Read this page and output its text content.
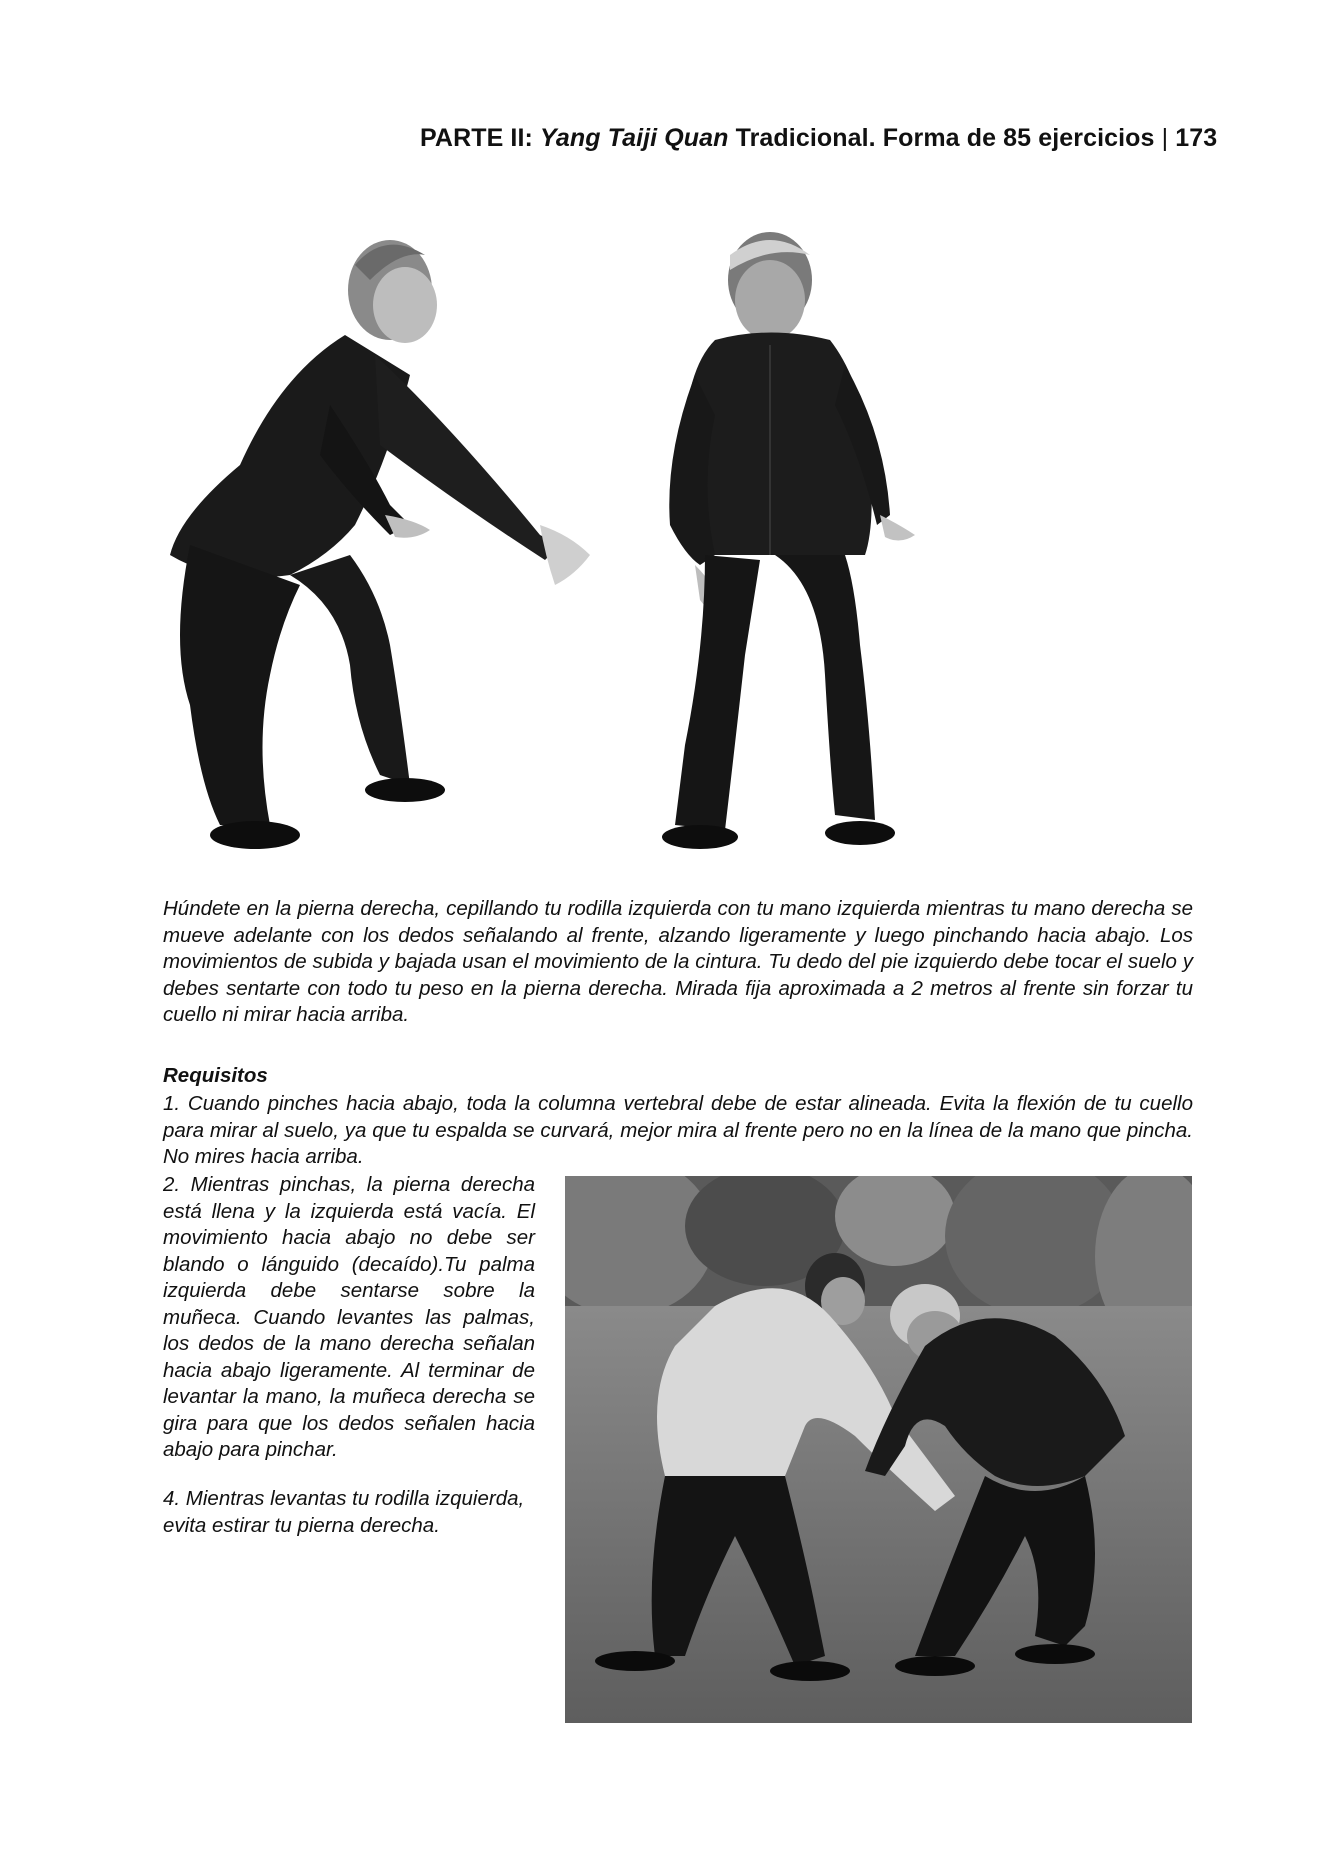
PARTE II: Yang Taiji Quan Tradicional. Forma de 85 ejercicios | 173

Húndete en la pierna derecha, cepillando tu rodilla izquierda con tu mano izquierda mientras tu mano derecha se mueve adelante con los dedos señalando al frente, alzando ligeramente y luego pinchando hacia abajo. Los movimientos de subida y bajada usan el movimiento de la cintura. Tu dedo del pie izquierdo debe tocar el suelo y debes sentarte con todo tu peso en la pierna derecha. Mirada fija aproximada a 2 metros al frente sin forzar tu cuello ni mirar hacia arriba.

Requisitos

1. Cuando pinches hacia abajo, toda la columna vertebral debe de estar alineada. Evita la flexión de tu cuello para mirar al suelo, ya que tu espalda se curvará, mejor mira al frente pero no en la línea de la mano que pincha. No mires hacia arriba.

2. Mientras pinchas, la pierna derecha está llena y la izquierda está vacía. El movimiento hacia abajo no debe ser blando o lánguido (decaído).Tu palma izquierda debe sentarse sobre la muñeca. Cuando levantes las palmas, los dedos de la mano derecha señalan hacia abajo ligeramente. Al terminar de levantar la mano, la muñeca derecha se gira para que los dedos señalen hacia abajo para pinchar.

4. Mientras levantas tu rodilla izquierda, evita estirar tu pierna derecha.
